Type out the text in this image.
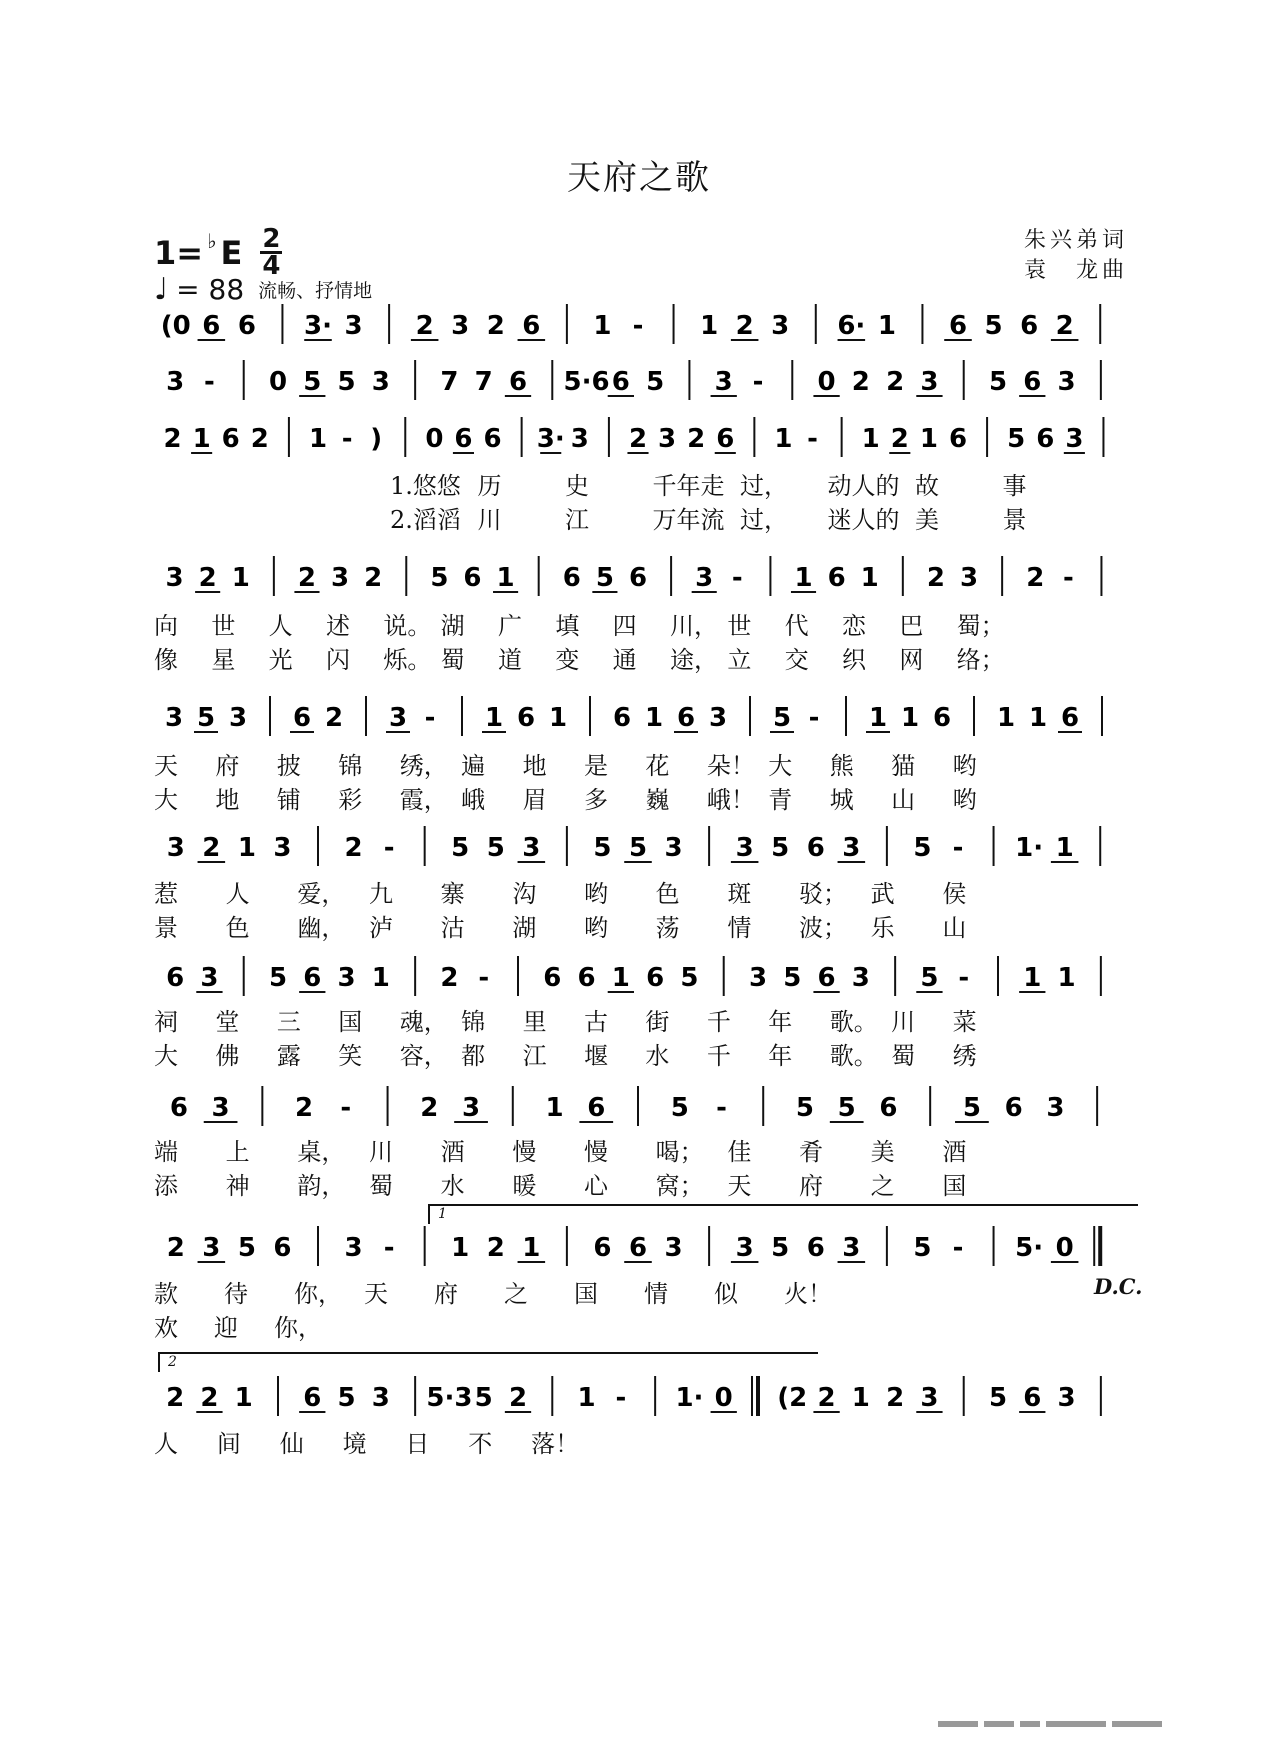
天府之歌
1= ♭ E 2
4
♩ = 88 流畅、抒情地
朱兴弟词
袁　龙曲
(0 6 6 3· 3 2 3 2 6 1 - 1 2 3 6· 1 6 5 6 2
3 - 0 5 5 3 7 7 6 5·6 6 5 3 - 0 2 2 3 5 6 3
2 1 6 2 1 - ) 0 6 6 3· 3 2 3 2 6 1 - 1 2 1 6 5 6 3
3 2 1 2 3 2 5 6 1 6 5 6 3 - 1 6 1 2 3 2 -
3 5 3 6 2 3 - 1 6 1 6 1 6 3 5 - 1 1 6 1 1 6
3 2 1 3 2 - 5 5 3 5 5 3 3 5 6 3 5 - 1· 1
6 3 5 6 3 1 2 - 6 6 1 6 5 3 5 6 3 5 - 1 1
6 3	2 -	2 3	1 6	5 -	5 5 6	5 6 3
2 3 5 6 3 - 1 2 1 6 6 3 3 5 6 3 5 - 5· 0
2 2 1 6 5 3 5·3 5 2 1 - 1· 0 (2 2 1 2 3 5 6 3
1.悠悠 历	史	千年走 过， 动人的 故	事
2.滔滔 川	江	万年流 过， 迷人的 美	景
向 世 人 述 说。 湖 广 填 四 川， 世 代 恋 巴 蜀；
像 星 光 闪 烁。 蜀 道 变 通 途， 立 交 织 网 络；
天 府 披 锦 绣， 遍 地 是 花 朵！ 大 熊 猫 哟
大 地 铺 彩 霞， 峨 眉 多 巍 峨！ 青 城 山 哟
惹 人 爱， 九 寨 沟 哟 色 斑 驳； 武 侯
景 色 幽， 泸 沽 湖 哟 荡 情 波； 乐 山
祠 堂 三 国 魂， 锦 里 古 街 千 年 歌。 川 菜
大 佛 露 笑 容， 都 江 堰 水 千 年 歌。 蜀 绣
端 上 桌， 川 酒 慢 慢 喝； 佳 肴 美 酒
添 神 韵， 蜀 水 暖 心 窝； 天 府 之 国
款 待 你， 天 府 之 国 情 似 火！
欢 迎 你，
人 间 仙 境 日 不 落！
D.C.
1
2
